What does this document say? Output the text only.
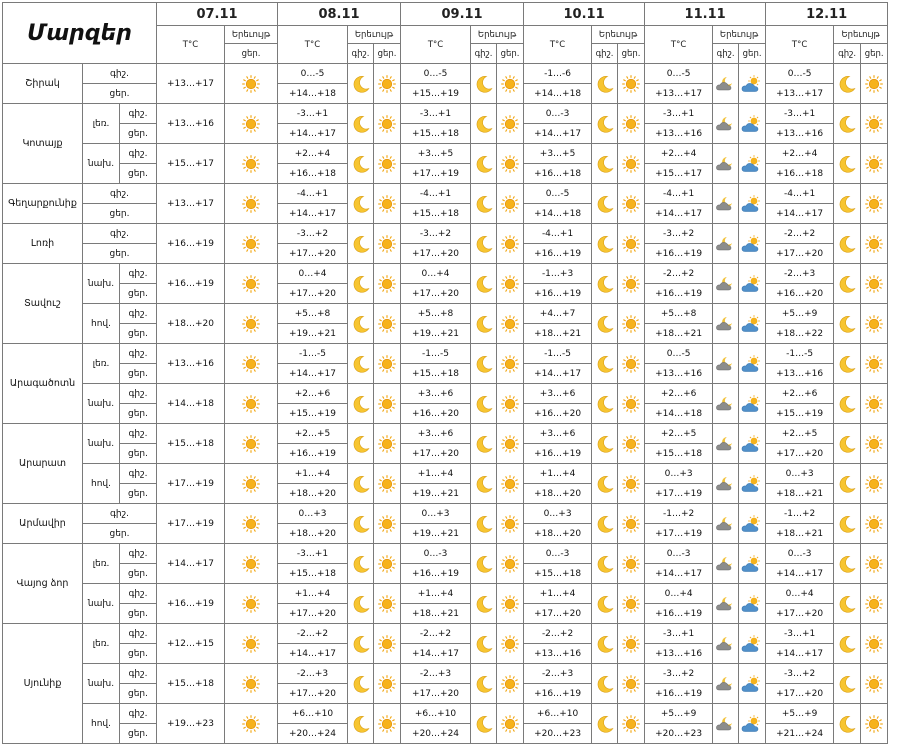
Մարզեր			07.11		08.11			09.11			10.11			11.11			12.11		
			T°C	Երեւույթ	T°C	Երեւույթ		T°C	Երեւույթ		T°C	Երեւույթ		T°C	Երեւույթ		T°C	Երեւույթ	
				ցեր.		գիշ.	ցեր.		գիշ.	ցեր.		գիշ.	ցեր.		գիշ.	ցեր.		գիշ.	ցեր.
Շիրակ	գիշ.		+13…+17		0…-5			0…-5			-1…-6			0…-5			0…-5	

	ցեր.				+14…+18			+15…+19			+14…+18			+13…+17			+13…+17		
Կոտայք	լեռ.	գիշ.	+13…+16		-3…+1			-3…+1			0…-3			-3…+1			-3…+1	

		ցեր.			+14…+17			+15…+18			+14…+17			+13…+16			+13…+16		
	նախ.	գիշ.	+15…+17		+2…+4			+3…+5			+3…+5			+2…+4			+2…+4	

		ցեր.			+16…+18			+17…+19			+16…+18			+15…+17			+16…+18		
Գեղարքունիք	գիշ.		+13…+17		-4…+1			-4…+1			0…-5			-4…+1			-4…+1	

	ցեր.				+14…+17			+15…+18			+14…+18			+14…+17			+14…+17		
Լոռի	գիշ.		+16…+19		-3…+2			-3…+2			-4…+1			-3…+2			-2…+2	

	ցեր.				+17…+20			+17…+20			+16…+19			+16…+19			+17…+20		
Տավուշ	նախ.	գիշ.	+16…+19		0…+4			0…+4			-1…+3			-2…+2			-2…+3	

		ցեր.			+17…+20			+17…+20			+16…+19			+16…+19			+16…+20		
	հով.	գիշ.	+18…+20		+5…+8			+5…+8			+4…+7			+5…+8			+5…+9	

		ցեր.			+19…+21			+19…+21			+18…+21			+18…+21			+18…+22		
Արագածոտն	լեռ.	գիշ.	+13…+16		-1…-5			-1…-5			-1…-5			0…-5			-1…-5	

		ցեր.			+14…+17			+15…+18			+14…+17			+13…+16			+13…+16		
	նախ.	գիշ.	+14…+18		+2…+6			+3…+6			+3…+6			+2…+6			+2…+6	

		ցեր.			+15…+19			+16…+20			+16…+20			+14…+18			+15…+19		
Արարատ	նախ.	գիշ.	+15…+18		+2…+5			+3…+6			+3…+6			+2…+5			+2…+5	

		ցեր.			+16…+19			+17…+20			+16…+19			+15…+18			+17…+20		
	հով.	գիշ.	+17…+19		+1…+4			+1…+4			+1…+4			0…+3			0…+3	

		ցեր.			+18…+20			+19…+21			+18…+20			+17…+19			+18…+21		
Արմավիր	գիշ.		+17…+19		0…+3			0…+3			0…+3			-1…+2			-1…+2	

	ցեր.				+18…+20			+19…+21			+18…+20			+17…+19			+18…+21		
Վայոց ձոր	լեռ.	գիշ.	+14…+17		-3…+1			0…-3			0…-3			0…-3			0…-3	

		ցեր.			+15…+18			+16…+19			+15…+18			+14…+17			+14…+17		
	նախ.	գիշ.	+16…+19		+1…+4			+1…+4			+1…+4			0…+4			0…+4	

		ցեր.			+17…+20			+18…+21			+17…+20			+16…+19			+17…+20		
Սյունիք	լեռ.	գիշ.	+12…+15		-2…+2			-2…+2			-2…+2			-3…+1			-3…+1	

		ցեր.			+14…+17			+14…+17			+13…+16			+13…+16			+14…+17		
	նախ.	գիշ.	+15…+18		-2…+3			-2…+3			-2…+3			-3…+2			-3…+2	

		ցեր.			+17…+20			+17…+20			+16…+19			+16…+19			+17…+20		
	հով.	գիշ.	+19…+23		+6…+10			+6…+10			+6…+10			+5…+9			+5…+9	

		ցեր.			+20…+24			+20…+24			+20…+23			+20…+23			+21…+24		
